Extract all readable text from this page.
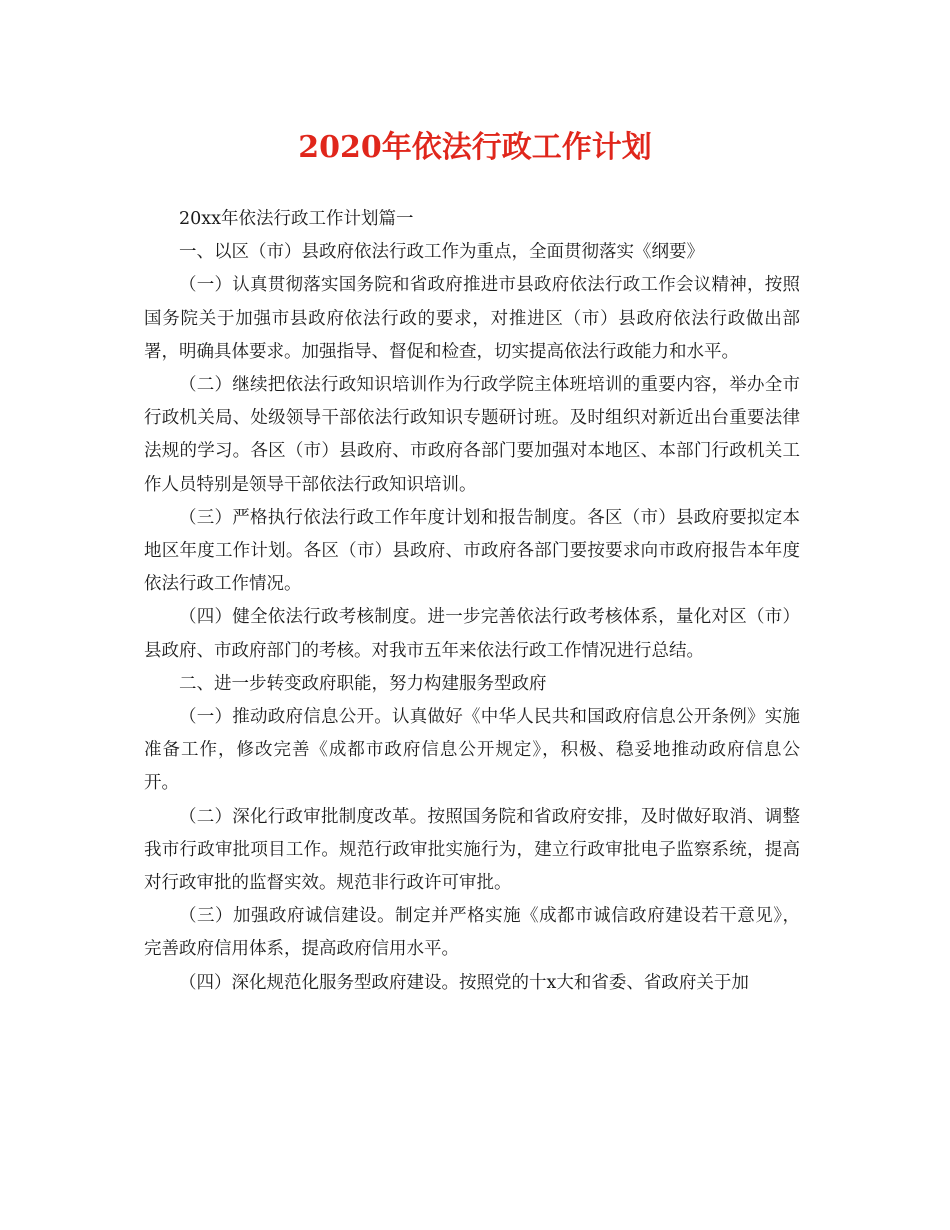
2020年依法行政工作计划

20xx年依法行政工作计划篇一

一、以区（市）县政府依法行政工作为重点，全面贯彻落实《纲要》

（一）认真贯彻落实国务院和省政府推进市县政府依法行政工作会议精神，按照国务院关于加强市县政府依法行政的要求，对推进区（市）县政府依法行政做出部署，明确具体要求。加强指导、督促和检查，切实提高依法行政能力和水平。

（二）继续把依法行政知识培训作为行政学院主体班培训的重要内容，举办全市行政机关局、处级领导干部依法行政知识专题研讨班。及时组织对新近出台重要法律法规的学习。各区（市）县政府、市政府各部门要加强对本地区、本部门行政机关工作人员特别是领导干部依法行政知识培训。

（三）严格执行依法行政工作年度计划和报告制度。各区（市）县政府要拟定本地区年度工作计划。各区（市）县政府、市政府各部门要按要求向市政府报告本年度依法行政工作情况。

（四）健全依法行政考核制度。进一步完善依法行政考核体系，量化对区（市）县政府、市政府部门的考核。对我市五年来依法行政工作情况进行总结。

二、进一步转变政府职能，努力构建服务型政府

（一）推动政府信息公开。认真做好《中华人民共和国政府信息公开条例》实施准备工作，修改完善《成都市政府信息公开规定》，积极、稳妥地推动政府信息公开。

（二）深化行政审批制度改革。按照国务院和省政府安排，及时做好取消、调整我市行政审批项目工作。规范行政审批实施行为，建立行政审批电子监察系统，提高对行政审批的监督实效。规范非行政许可审批。

（三）加强政府诚信建设。制定并严格实施《成都市诚信政府建设若干意见》，完善政府信用体系，提高政府信用水平。

（四）深化规范化服务型政府建设。按照党的十x大和省委、省政府关于加
